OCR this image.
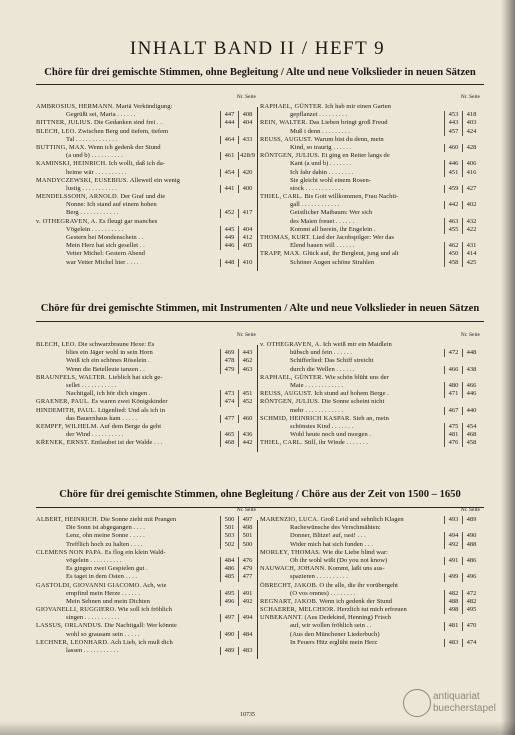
INHALT BAND II / HEFT 9
Chöre für drei gemischte Stimmen, ohne Begleitung / Alte und neue Volkslieder in neuen Sätzen
Nr. Seite
AMBROSIUS, HERMANN. Mariä Verkündigung:
Gegrüßt sei, Maria . . . . . .	447	408
BITTNER, JULIUS. Die Gedanken sind frei . .	444	404
BLECH, LEO. Zwischen Berg und tiefem, tiefem
Tal . . . . . . . . . . . . .	464	433
BUTTING, MAX. Wenn ich gedenk der Stund
(a und b) . . . . . . . . . .	461 428/9
KAMINSKI, HEINRICH. Ich wollt, daß ich da-
heime wär . . . . . . . . . .	454	420
MANDYCZEWSKI, EUSEBIUS. Alleweil ein wenig
lustig . . . . . . . . . . .	441	400
MENDELSSOHN, ARNOLD. Der Graf und die
Nonne: Ich stand auf einem hohen
Berg . . . . . . . . . . . .	452	417
v. OTHEGRAVEN, A. Es fleugt gar manches
Vögelein . . . . . . . . . .	445	404
Gestern bei Mondenschein . .	449	412
Mein Herz hat sich gesellet . .	446	405
Vetter Michel: Gestern Abend
war Vetter Michel hier . . . .	448	410
Nr. Seite
RAPHAEL, GÜNTER. Ich hab mir einen Garten
gepflanzet . . . . . . . . .	453	418
REIN, WALTER. Das Lieben bringt groß Freud	443	403
Muß i denn . . . . . . . . .	457	424
REUSS, AUGUST. Warum bist du denn, mein
Kind, so traurig . . . . . .	460	428
RÖNTGEN, JULIUS. Et ging en Reiter langs de
Kant (a und b) . . . . . . .	446	406
Ich fahr dahin . . . . . . . .	451	416
Sie gleicht wohl einem Rosen-
stock . . . . . . . . . . . .	459	427
THIEL, CARL. Bis Gott willkommen, Frau Nachti-
gall . . . . . . . . . . . .	442	402
Geistlicher Maibaum: Wer sich
des Maien freuet . . . . . .	463	432
Kommt all herein, ihr Engelein .	455	422
THOMAS, KURT. Lied der Jacobspilger: Wer das
Elend bauen will . . . . . .	462	431
TRAPP, MAX. Glück auf, ihr Bergleut, jung und alt	450	414
Schöner Augen schöne Strahlen	458	425
Chöre für drei gemischte Stimmen, mit Instrumenten / Alte und neue Volkslieder in neuen Sätzen
Nr. Seite
BLECH, LEO. Die schwarzbraune Hexe: Es
blies ein Jäger wohl in sein Horn	469	443
Weiß ich ein schönes Röselein .	478	462
Wenn die Betelleute tanzen . .	479	463
BRAUNFELS, WALTER. Lieblich hat sich ge-
sellet . . . . . . . . . . .
Nachtigall, ich hör dich singen .	473	451
GRAENER, PAUL. Es waren zwei Königskinder	474	452
HINDEMITH, PAUL. Lügenlied: Und als ich in
das Bauernhaus kam . . . . .	477	460
KEMPFF, WILHELM. Auf dem Berge da geht
der Wind . . . . . . . . . .	465	436
KŘENEK, ERNST. Entlaubet ist der Walde . . .	468	442
Nr. Seite
v. OTHEGRAVEN, A. Ich weiß mir ein Maidlein
hübsch und fein . . . . . .	472	448
Schifferlied: Das Schiff streicht
durch die Wellen . . . . . .	466	438
RAPHAEL, GÜNTER. Wie schön blüht uns der
Maie . . . . . . . . . . . .	480	466
REUSS, AUGUST. Ich stund auf hohem Berge .	471	446
RÖNTGEN, JULIUS. Die Sonne scheint nicht
mehr . . . . . . . . . . . .	467	440
SCHMID, HEINRICH KASPAR. Sieh an, mein
schönstes Kind . . . . . . .	475	454
Wohl heute noch und morgen .	481	468
THIEL, CARL. Still, ihr Winde . . . . . . .	476	458
Chöre für drei gemischte Stimmen, ohne Begleitung / Chöre aus der Zeit von 1500 – 1650
Nr. Seite
ALBERT, HEINRICH. Die Sonne zieht mit Prangen	500	497
Die Sonn ist abgegangen . . . .	501	498
Lenz, ohn meine Sonne . . . . .	503	501
Trefflich hoch zu halten . . . .	502	500
CLEMENS NON PAPA. Es flog ein klein Wald-
vögelein . . . . . . . . . .	484	476
Es gingen zwei Gespielen gut .	486	479
Es taget in dem Osten . . . .	485	477
GASTOLDI, GIOVANNI GIACOMO. Ach, wie
empfind mein Herze . . . . . .	495	491
Mein Sehnen und mein Dichten	496	492
GIOVANELLI, RUGGIERO. Wie soll ich fröhlich
singen . . . . . . . . . . .	497	494
LASSUS, ORLANDUS. Die Nachtigall: Wer könnte
wohl so grausam sein . . . . .	490	484
LECHNER, LEONHARD. Ach Lieb, ich muß dich
lassen . . . . . . . . . . .	489	483
Nr. Seite
MARENZIO, LUCA. Groß Leid und sehnlich Klagen	493	489
Rachewünsche des Verschmähten:
Donner, Blitze! auf, rast! . . .	494	490
Wider mich hat sich funden . . .	492	488
MORLEY, THOMAS. Wie die Liebe blind war:
Ob ihr wohl wißt (Do you not know)	491	486
NAUWACH, JOHANN. Kommt, laßt uns aus-
spazieren . . . . . . . . . .	499	496
ÖBRECHT, JAKOB. O ihr alle, die ihr vorübergeht
(O vos omnes) . . . . . . . .	482	472
REGNART, JAKOB. Wenn ich gedenk der Stund	488	482
SCHAERER, MELCHIOR. Herzlich tut mich erfreuen	498	495
UNBEKANNT. (Aus Dedekind, Henning) Frisch
auf, wir wollen fröhlich sein . .	481	470
(Aus den Münchener Liederbuch)
In Feuers Hitz erglüht mein Herz	483	474
10735
antiquariat
buecherstapel
